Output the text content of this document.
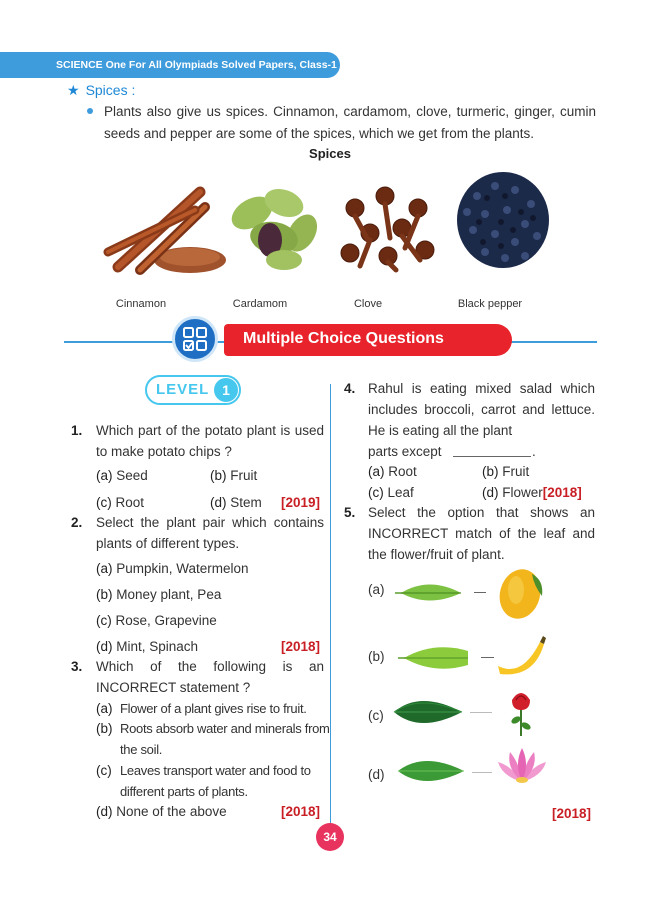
SCIENCE One For All Olympiads Solved Papers, Class-1
★ Spices :
Plants also give us spices. Cinnamon, cardamom, clove, turmeric, ginger, cumin seeds and pepper are some of the spices, which we get from the plants.
Spices
Cinnamon	Cardamom	Clove	Black pepper
Multiple Choice Questions
LEVEL 1
1. Which part of the potato plant is used to make potato chips ?
(a) Seed	(b) Fruit
(c) Root	(d) Stem [2019]
2. Select the plant pair which contains plants of different types.
(a) Pumpkin, Watermelon
(b) Money plant, Pea
(c) Rose, Grapevine
(d) Mint, Spinach	[2018]
3. Which of the following is an INCORRECT statement ?
(a) Flower of a plant gives rise to fruit.
(b) Roots absorb water and minerals from the soil.
(c) Leaves transport water and food to different parts of plants.
(d) None of the above	[2018]
4. Rahul is eating mixed salad which includes broccoli, carrot and lettuce. He is eating all the plant
parts except	.
(a) Root	(b) Fruit
(c) Leaf	(d) Flower[2018]
5. Select the option that shows an INCORRECT match of the leaf and the flower/fruit of plant.
(a)
(b)
(c)
(d)
[2018]
34
